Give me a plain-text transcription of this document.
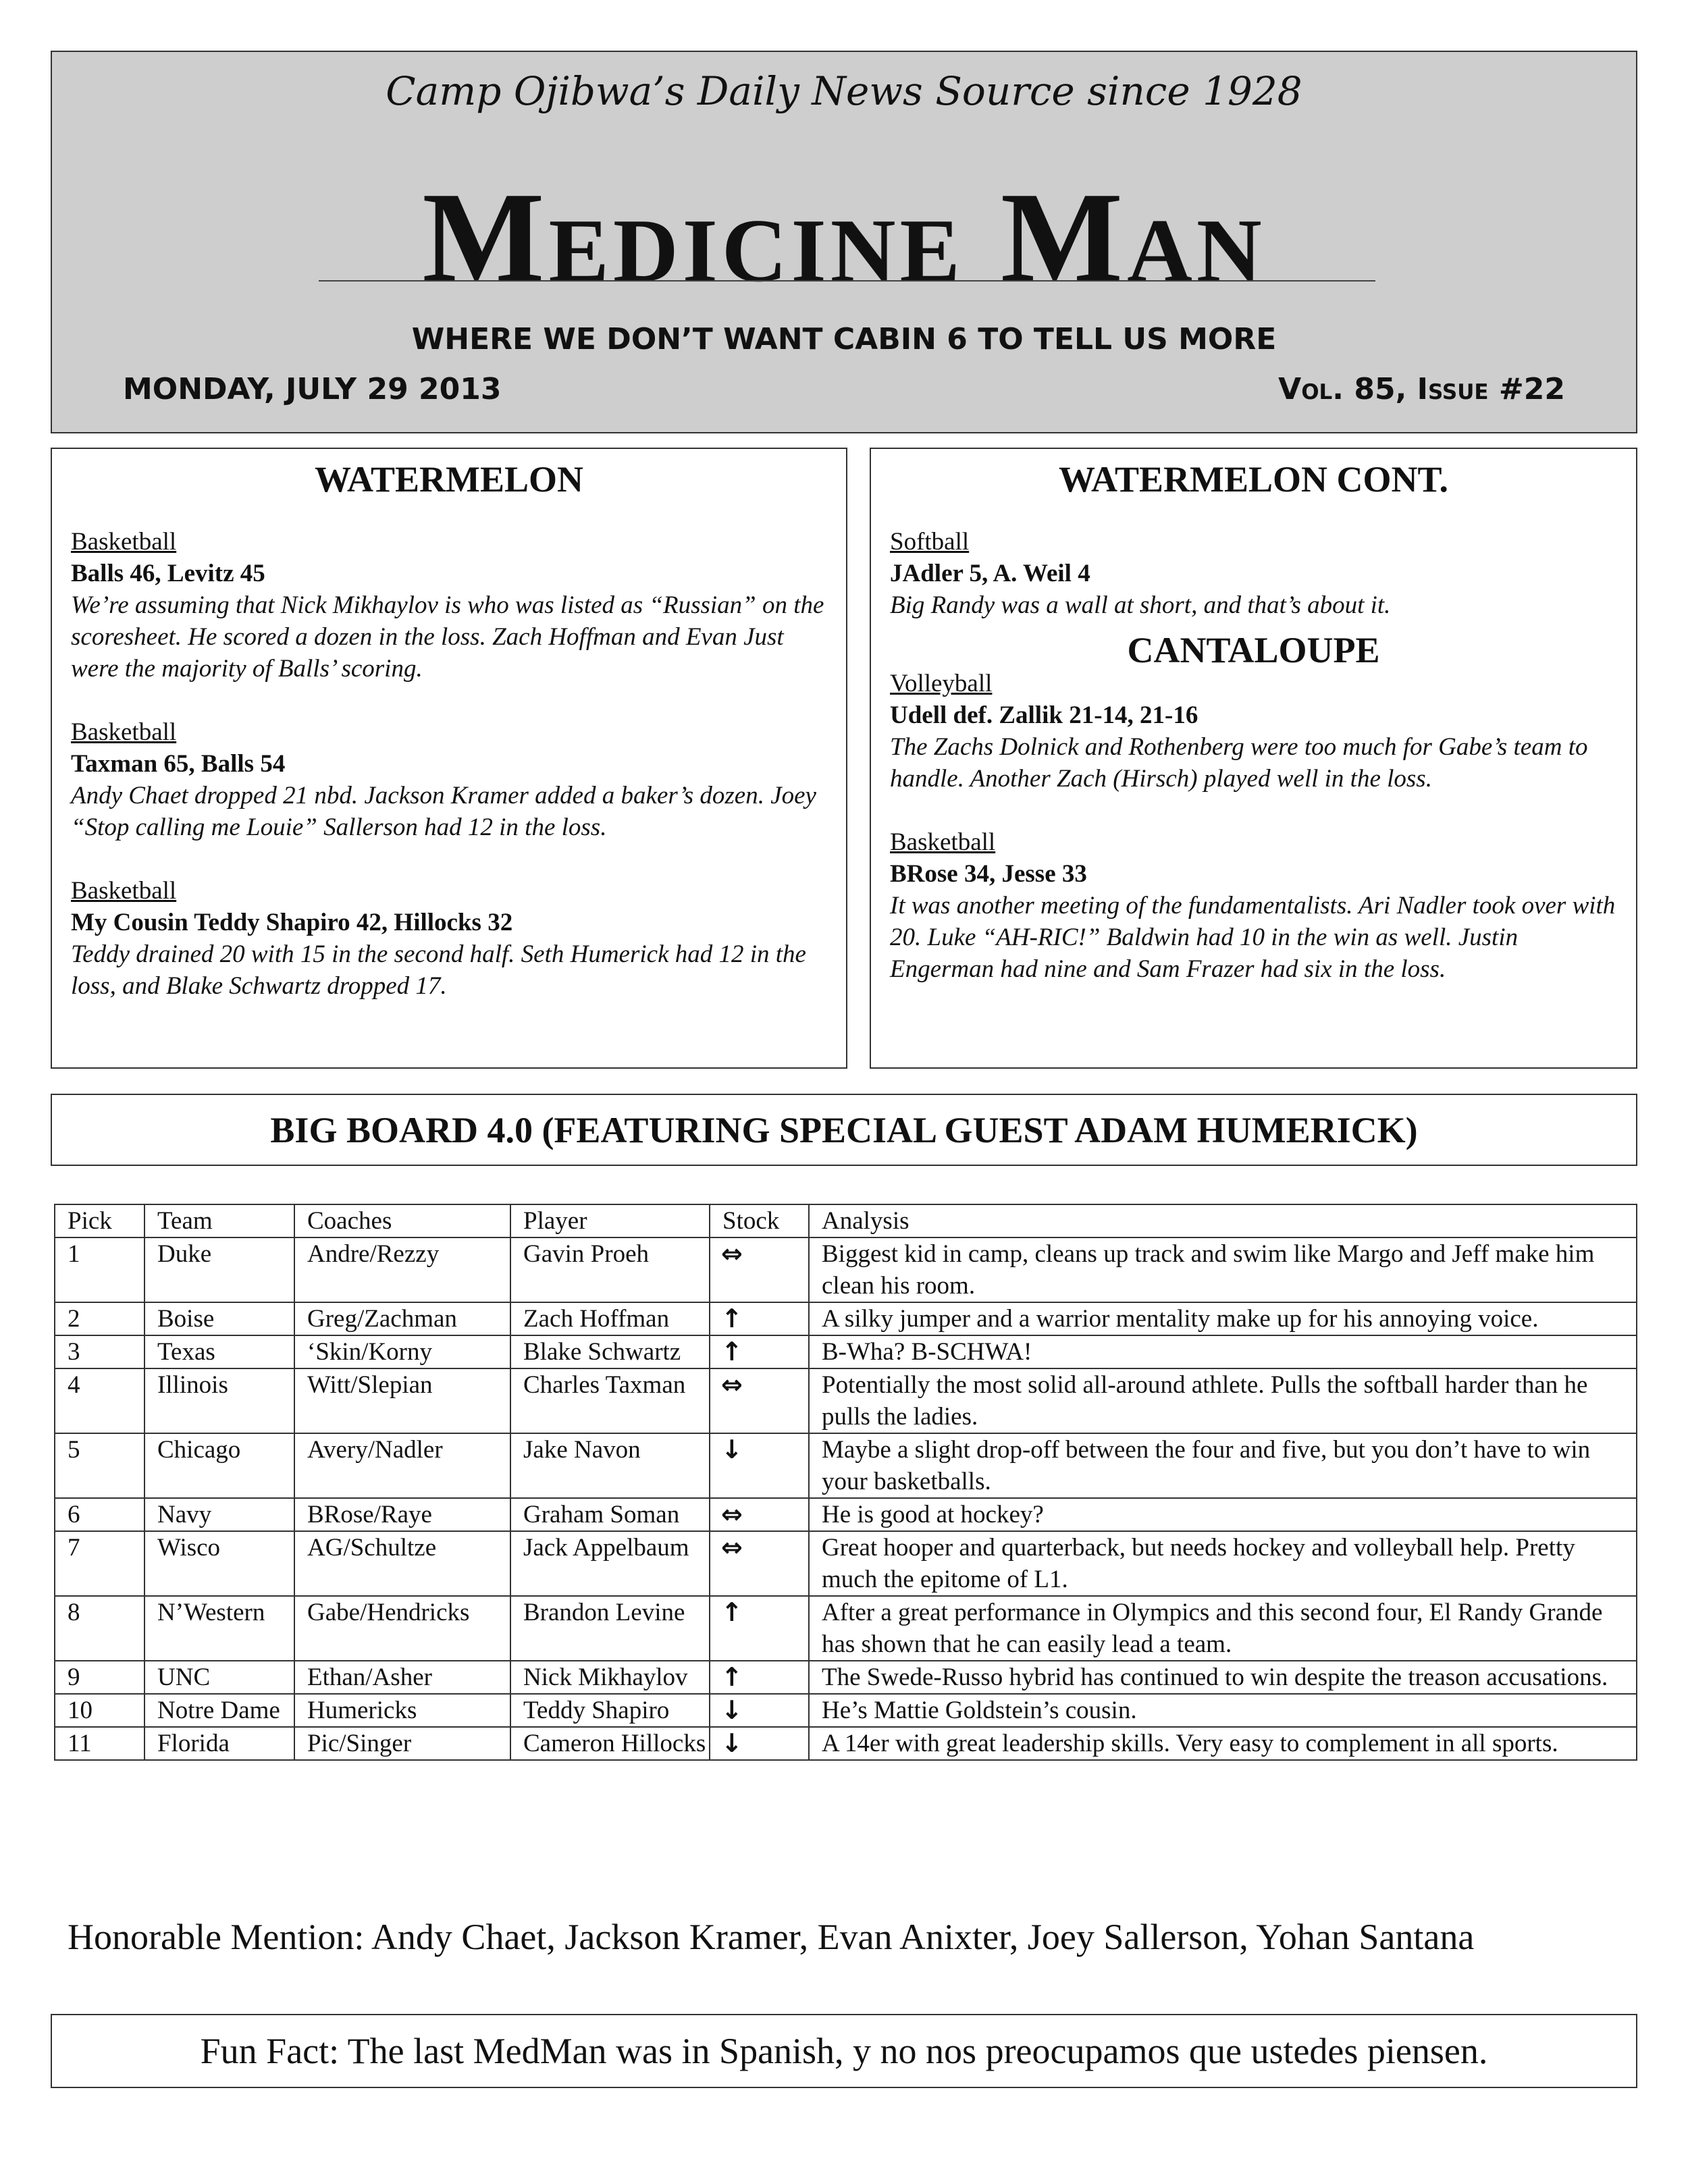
Camp Ojibwa’s Daily News Source since 1928
Medicine Man
WHERE WE DON’T WANT CABIN 6 TO TELL US MORE
MONDAY, JULY 29 2013	Vol. 85, Issue #22
WATERMELON
Basketball
Balls 46, Levitz 45
We’re assuming that Nick Mikhaylov is who was listed as “Russian” on the scoresheet. He scored a dozen in the loss. Zach Hoffman and Evan Just were the majority of Balls’ scoring.
Basketball
Taxman 65, Balls 54
Andy Chaet dropped 21 nbd. Jackson Kramer added a baker’s dozen. Joey “Stop calling me Louie” Sallerson had 12 in the loss.
Basketball
My Cousin Teddy Shapiro 42, Hillocks 32
Teddy drained 20 with 15 in the second half. Seth Humerick had 12 in the loss, and Blake Schwartz dropped 17.
WATERMELON CONT.
Softball
JAdler 5, A. Weil 4
Big Randy was a wall at short, and that’s about it.
CANTALOUPE
Volleyball
Udell def. Zallik 21-14, 21-16
The Zachs Dolnick and Rothenberg were too much for Gabe’s team to handle. Another Zach (Hirsch) played well in the loss.
Basketball
BRose 34, Jesse 33
It was another meeting of the fundamentalists. Ari Nadler took over with 20. Luke “AH-RIC!” Baldwin had 10 in the win as well. Justin Engerman had nine and Sam Frazer had six in the loss.
BIG BOARD 4.0 (FEATURING SPECIAL GUEST ADAM HUMERICK)
Pick	Team	Coaches	Player	Stock	Analysis
1	Duke	Andre/Rezzy	Gavin Proeh	⇔	Biggest kid in camp, cleans up track and swim like Margo and Jeff make him clean his room.
2	Boise	Greg/Zachman	Zach Hoffman	↑	A silky jumper and a warrior mentality make up for his annoying voice.
3	Texas	‘Skin/Korny	Blake Schwartz	↑	B-Wha? B-SCHWA!
4	Illinois	Witt/Slepian	Charles Taxman	⇔	Potentially the most solid all-around athlete. Pulls the softball harder than he pulls the ladies.
5	Chicago	Avery/Nadler	Jake Navon	↓	Maybe a slight drop-off between the four and five, but you don’t have to win your basketballs.
6	Navy	BRose/Raye	Graham Soman	⇔	He is good at hockey?
7	Wisco	AG/Schultze	Jack Appelbaum	⇔	Great hooper and quarterback, but needs hockey and volleyball help. Pretty much the epitome of L1.
8	N’Western	Gabe/Hendricks	Brandon Levine	↑	After a great performance in Olympics and this second four, El Randy Grande has shown that he can easily lead a team.
9	UNC	Ethan/Asher	Nick Mikhaylov	↑	The Swede-Russo hybrid has continued to win despite the treason accusations.
10	Notre Dame	Humericks	Teddy Shapiro	↓	He’s Mattie Goldstein’s cousin.
11	Florida	Pic/Singer	Cameron Hillocks	↓	A 14er with great leadership skills. Very easy to complement in all sports.
Honorable Mention: Andy Chaet, Jackson Kramer, Evan Anixter, Joey Sallerson, Yohan Santana
Fun Fact: The last MedMan was in Spanish, y no nos preocupamos que ustedes piensen.
